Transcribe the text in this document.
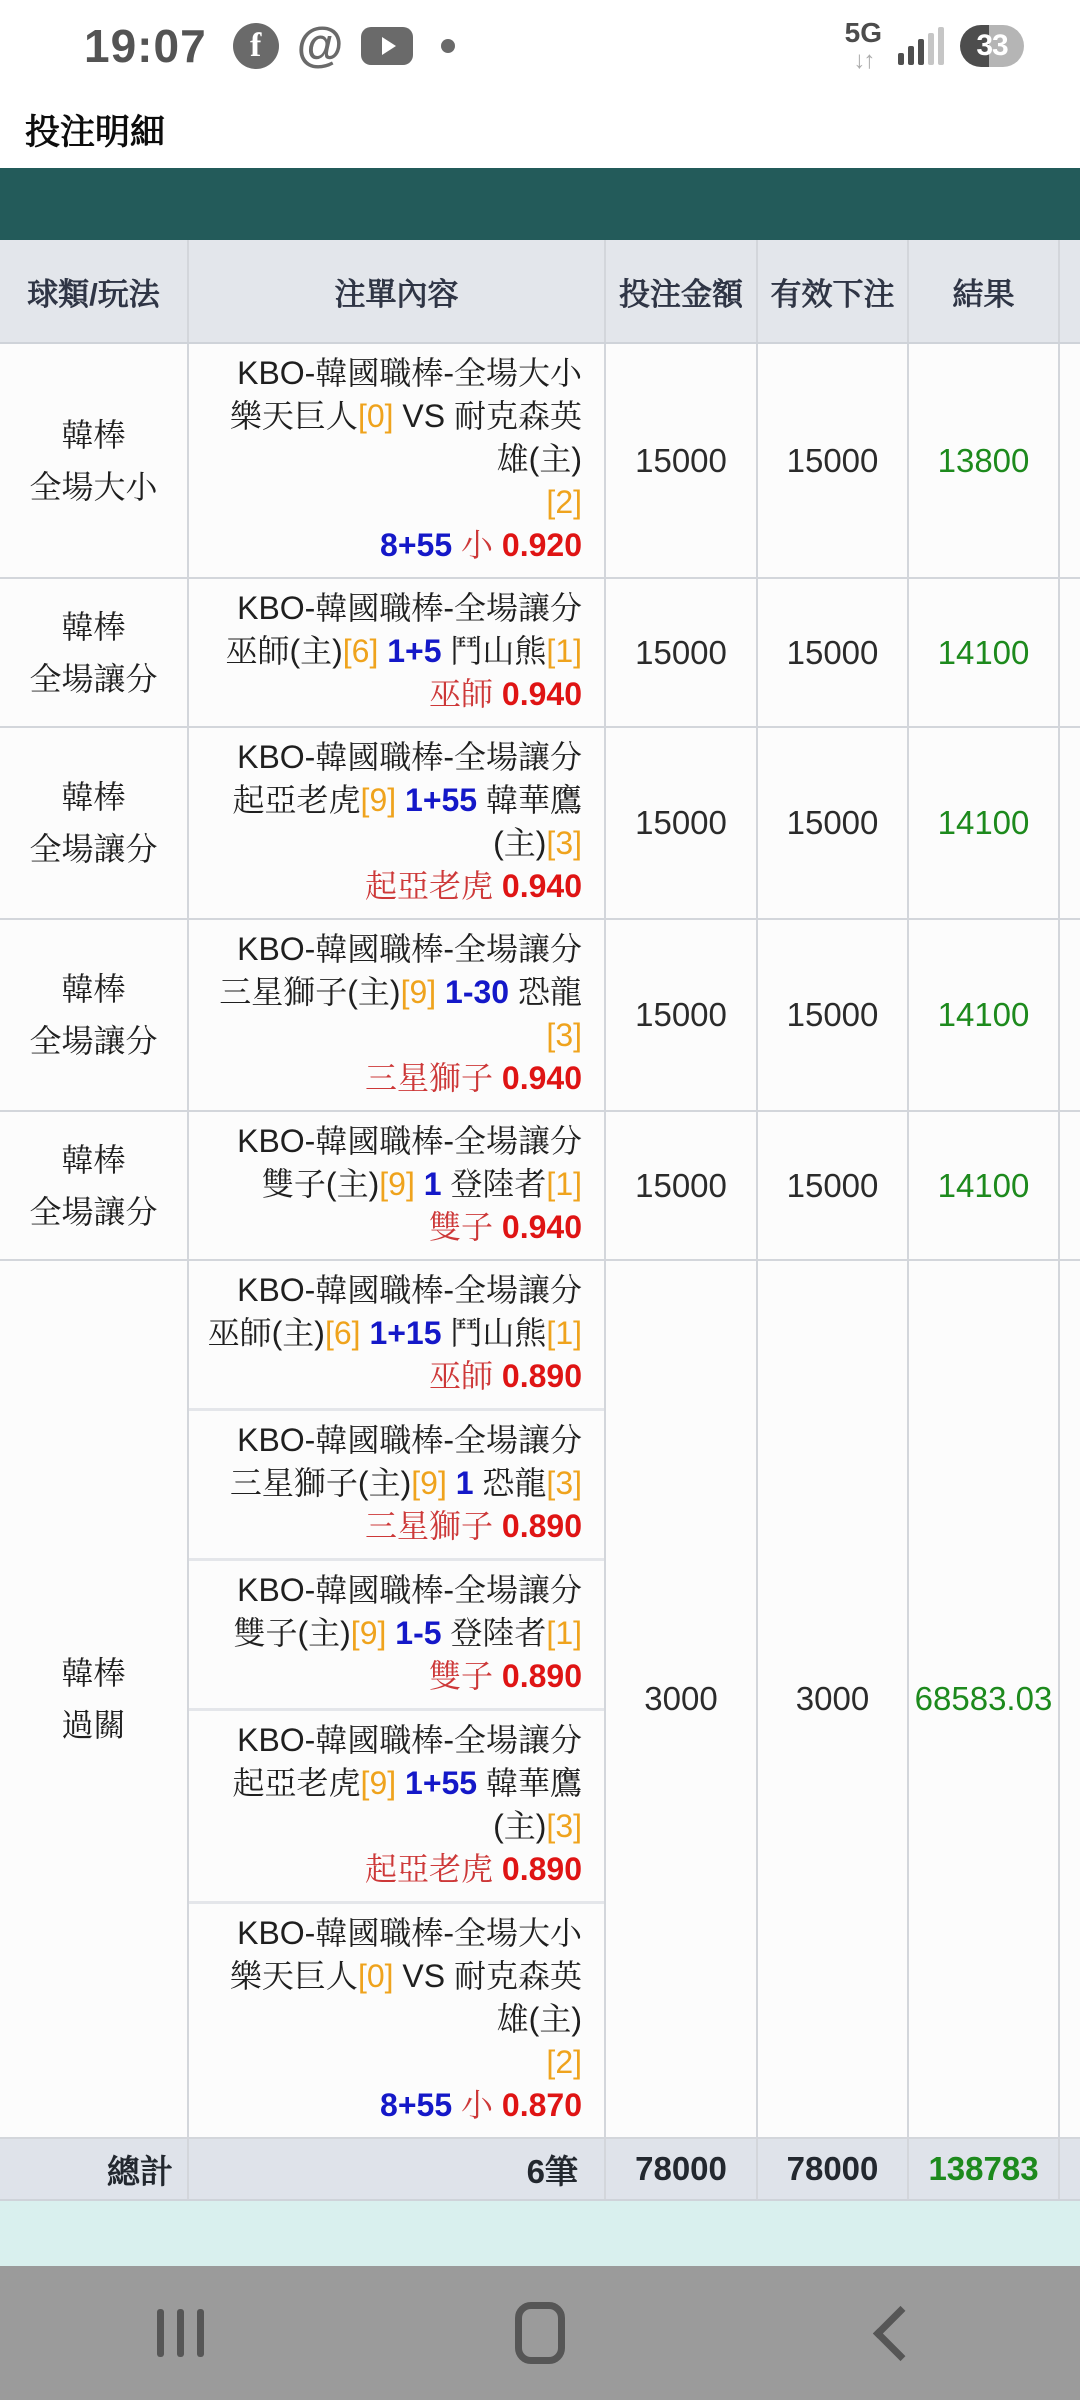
19:07	f @	5G
↓↑	33
投注明細
球類/玩法	注單內容	投注金額 有效下注	結果
韓棒
全場大小
KBO-韓國職棒-全場大小
樂天巨人[0] VS 耐克森英雄(主)
[2]
8+55 小 0.920
15000	15000	13800
韓棒
全場讓分
KBO-韓國職棒-全場讓分
巫師(主)[6] 1+5 鬥山熊[1]
巫師 0.940
15000	15000	14100
韓棒
全場讓分
KBO-韓國職棒-全場讓分
起亞老虎[9] 1+55 韓華鷹(主)[3]
起亞老虎 0.940
15000	15000	14100
韓棒
全場讓分
KBO-韓國職棒-全場讓分
三星獅子(主)[9] 1-30 恐龍[3]
三星獅子 0.940
15000	15000	14100
韓棒
全場讓分
KBO-韓國職棒-全場讓分
雙子(主)[9] 1 登陸者[1]
雙子 0.940
15000	15000	14100
韓棒
過關
KBO-韓國職棒-全場讓分
巫師(主)[6] 1+15 鬥山熊[1]
巫師 0.890
KBO-韓國職棒-全場讓分
三星獅子(主)[9] 1 恐龍[3]
三星獅子 0.890
KBO-韓國職棒-全場讓分
雙子(主)[9] 1-5 登陸者[1]
雙子 0.890
KBO-韓國職棒-全場讓分
起亞老虎[9] 1+55 韓華鷹(主)[3]
起亞老虎 0.890
KBO-韓國職棒-全場大小
樂天巨人[0] VS 耐克森英雄(主)
[2]
8+55 小 0.870
3000	3000	68583.03
總計	6筆	78000	78000	138783
